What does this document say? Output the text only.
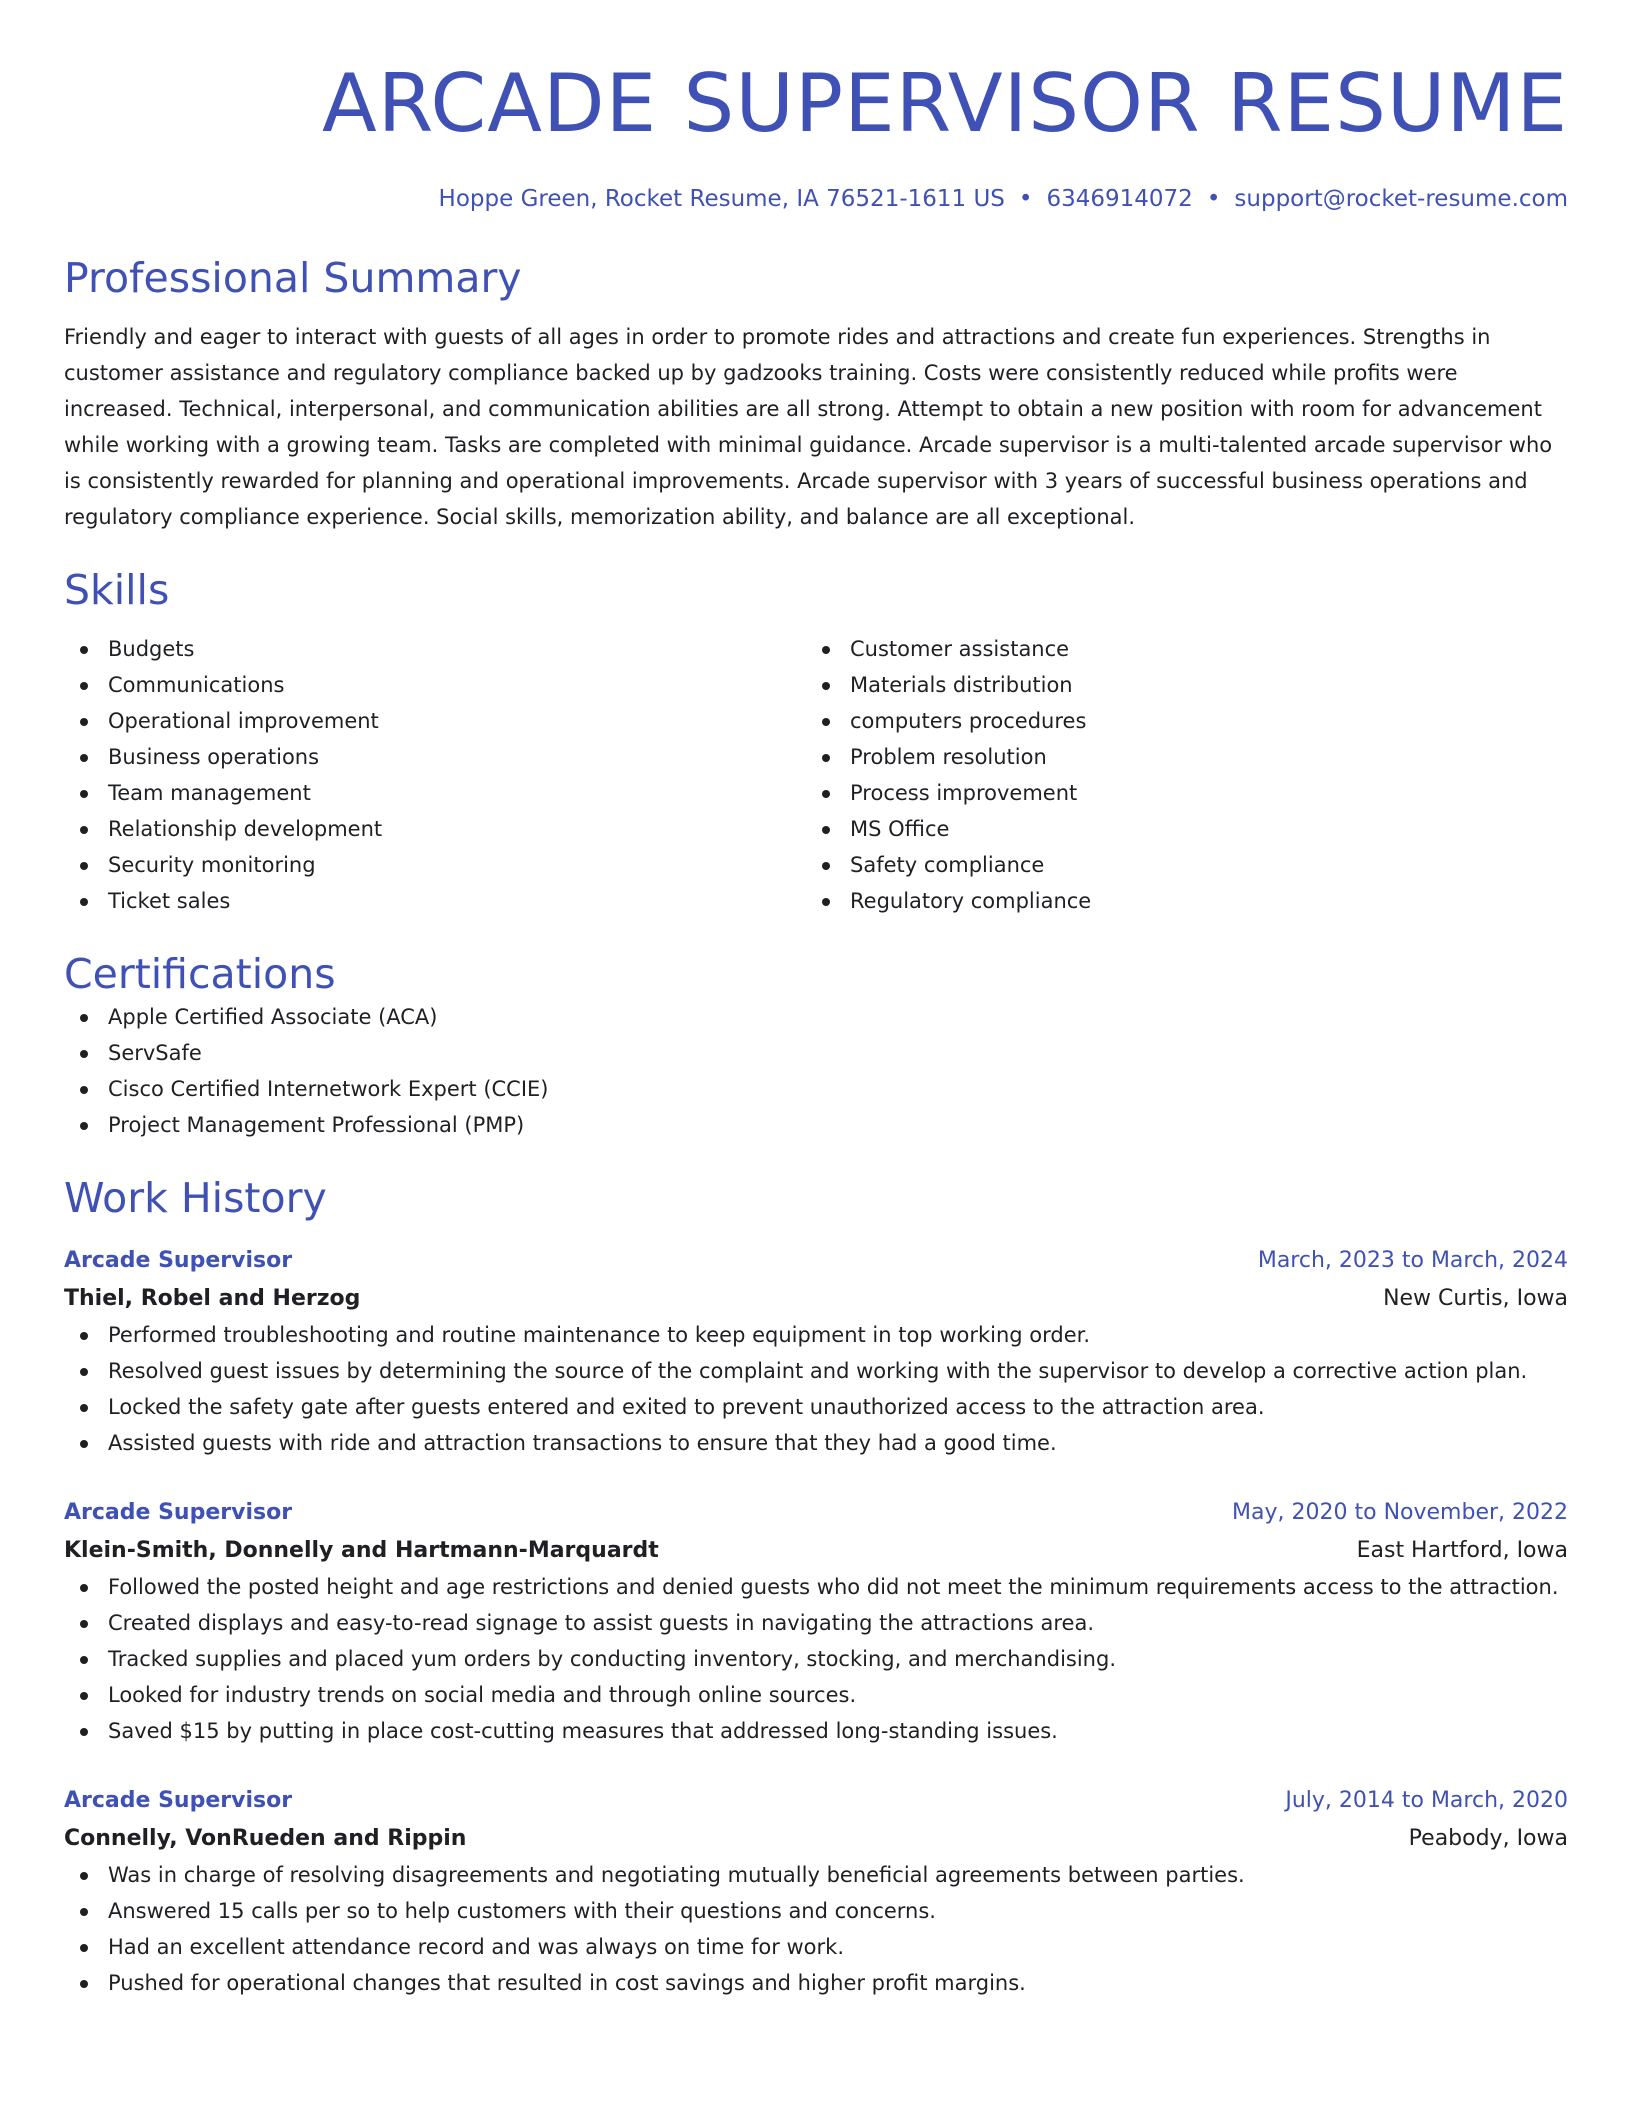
ARCADE SUPERVISOR RESUME
Hoppe Green, Rocket Resume, IA 76521-1611 US • 6346914072 • support@rocket-resume.com
Professional Summary
Friendly and eager to interact with guests of all ages in order to promote rides and attractions and create fun experiences. Strengths in customer assistance and regulatory compliance backed up by gadzooks training. Costs were consistently reduced while profits were increased. Technical, interpersonal, and communication abilities are all strong. Attempt to obtain a new position with room for advancement while working with a growing team. Tasks are completed with minimal guidance. Arcade supervisor is a multi-talented arcade supervisor who is consistently rewarded for planning and operational improvements. Arcade supervisor with 3 years of successful business operations and regulatory compliance experience. Social skills, memorization ability, and balance are all exceptional.
Skills
Budgets
Communications
Operational improvement
Business operations
Team management
Relationship development
Security monitoring
Ticket sales
Customer assistance
Materials distribution
computers procedures
Problem resolution
Process improvement
MS Office
Safety compliance
Regulatory compliance
Certifications
Apple Certified Associate (ACA)
ServSafe
Cisco Certified Internetwork Expert (CCIE)
Project Management Professional (PMP)
Work History
Arcade Supervisor	March, 2023 to March, 2024
Thiel, Robel and Herzog	New Curtis, Iowa
Performed troubleshooting and routine maintenance to keep equipment in top working order.
Resolved guest issues by determining the source of the complaint and working with the supervisor to develop a corrective action plan.
Locked the safety gate after guests entered and exited to prevent unauthorized access to the attraction area.
Assisted guests with ride and attraction transactions to ensure that they had a good time.
Arcade Supervisor	May, 2020 to November, 2022
Klein-Smith, Donnelly and Hartmann-Marquardt	East Hartford, Iowa
Followed the posted height and age restrictions and denied guests who did not meet the minimum requirements access to the attraction.
Created displays and easy-to-read signage to assist guests in navigating the attractions area.
Tracked supplies and placed yum orders by conducting inventory, stocking, and merchandising.
Looked for industry trends on social media and through online sources.
Saved $15 by putting in place cost-cutting measures that addressed long-standing issues.
Arcade Supervisor	July, 2014 to March, 2020
Connelly, VonRueden and Rippin	Peabody, Iowa
Was in charge of resolving disagreements and negotiating mutually beneficial agreements between parties.
Answered 15 calls per so to help customers with their questions and concerns.
Had an excellent attendance record and was always on time for work.
Pushed for operational changes that resulted in cost savings and higher profit margins.
